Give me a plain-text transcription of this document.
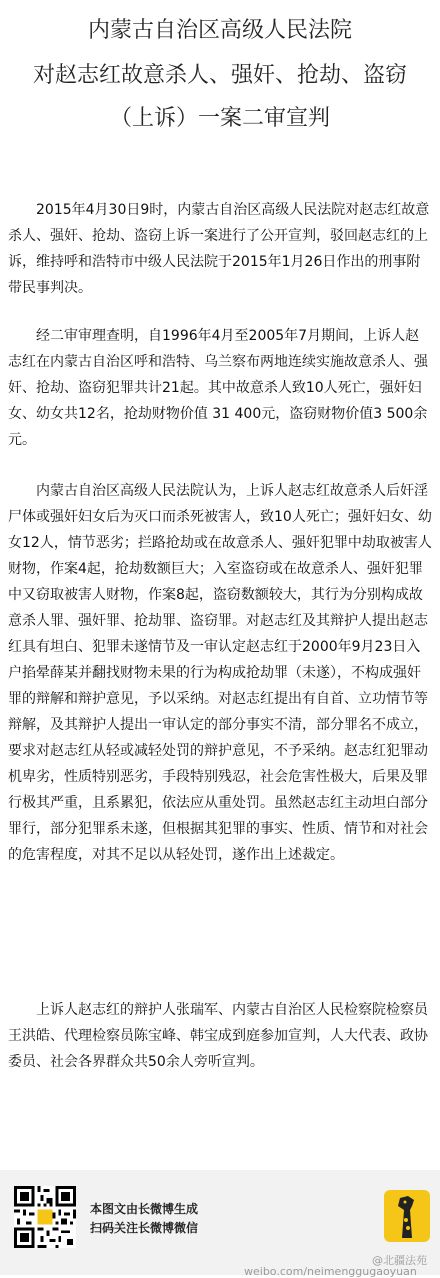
内蒙古自治区高级人民法院
对赵志红故意杀人、强奸、抢劫、盗窃
（上诉）一案二审宣判

　　2015年4月30日9时，内蒙古自治区高级人民法院对赵志红故意杀人、强奸、抢劫、盗窃上诉一案进行了公开宣判，驳回赵志红的上诉，维持呼和浩特市中级人民法院于2015年1月26日作出的刑事附带民事判决。

　　经二审审理查明，自1996年4月至2005年7月期间，上诉人赵志红在内蒙古自治区呼和浩特、乌兰察布两地连续实施故意杀人、强奸、抢劫、盗窃犯罪共计21起。其中故意杀人致10人死亡，强奸妇女、幼女共12名，抢劫财物价值 31 400元，盗窃财物价值3 500余元。

　　内蒙古自治区高级人民法院认为，上诉人赵志红故意杀人后奸淫尸体或强奸妇女后为灭口而杀死被害人，致10人死亡；强奸妇女、幼女12人，情节恶劣；拦路抢劫或在故意杀人、强奸犯罪中劫取被害人财物，作案4起，抢劫数额巨大；入室盗窃或在故意杀人、强奸犯罪中又窃取被害人财物，作案8起，盗窃数额较大，其行为分别构成故意杀人罪、强奸罪、抢劫罪、盗窃罪。对赵志红及其辩护人提出赵志红具有坦白、犯罪未遂情节及一审认定赵志红于2000年9月23日入户掐晕薛某并翻找财物未果的行为构成抢劫罪（未遂），不构成强奸罪的辩解和辩护意见，予以采纳。对赵志红提出有自首、立功情节等辩解，及其辩护人提出一审认定的部分事实不清，部分罪名不成立，要求对赵志红从轻或减轻处罚的辩护意见，不予采纳。赵志红犯罪动机卑劣，性质特别恶劣，手段特别残忍，社会危害性极大，后果及罪行极其严重，且系累犯，依法应从重处罚。虽然赵志红主动坦白部分罪行，部分犯罪系未遂，但根据其犯罪的事实、性质、情节和对社会的危害程度，对其不足以从轻处罚，遂作出上述裁定。

　　上诉人赵志红的辩护人张瑞军、内蒙古自治区人民检察院检察员王洪皓、代理检察员陈宝峰、韩宝成到庭参加宣判，人大代表、政协委员、社会各界群众共50余人旁听宣判。

本图文由长微博生成
扫码关注长微博微信
@北疆法苑
weibo.com/neimenggugaoyuan
